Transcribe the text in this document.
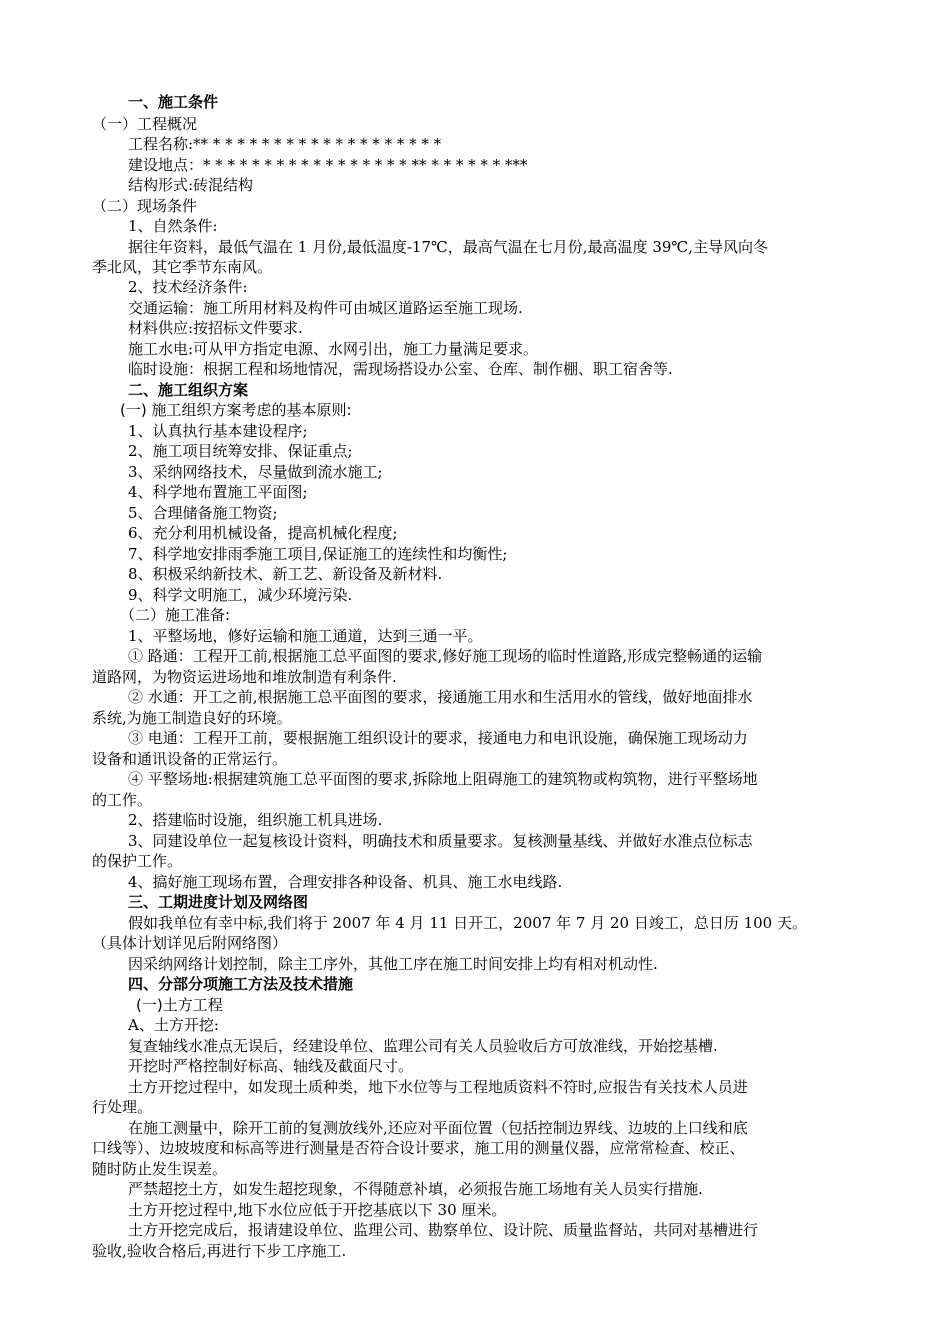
一、施工条件
（一）工程概况
工程名称:** * * * * * * * * * * * * * * * * * * *
建设地点：* * * * * * * * * * * * * * * * * ** * * * * * * ***
结构形式:砖混结构
（二）现场条件
1、自然条件:
据往年资料，最低气温在 1 月份,最低温度-17℃，最高气温在七月份,最高温度 39℃,主导风向冬
季北风，其它季节东南风。
2、技术经济条件:
交通运输：施工所用材料及构件可由城区道路运至施工现场.
材料供应:按招标文件要求.
施工水电:可从甲方指定电源、水网引出，施工力量满足要求。
临时设施：根据工程和场地情况，需现场搭设办公室、仓库、制作棚、职工宿舍等.
二、施工组织方案
(一) 施工组织方案考虑的基本原则:
1、认真执行基本建设程序;
2、施工项目统筹安排、保证重点;
3、采纳网络技术，尽量做到流水施工;
4、科学地布置施工平面图;
5、合理储备施工物资;
6、充分利用机械设备，提高机械化程度;
7、科学地安排雨季施工项目,保证施工的连续性和均衡性;
8、积极采纳新技术、新工艺、新设备及新材料.
9、科学文明施工，减少环境污染.
（二）施工准备:
1、平整场地，修好运输和施工通道，达到三通一平。
① 路通：工程开工前,根据施工总平面图的要求,修好施工现场的临时性道路,形成完整畅通的运输
道路网，为物资运进场地和堆放制造有利条件.
② 水通：开工之前,根据施工总平面图的要求，接通施工用水和生活用水的管线，做好地面排水
系统,为施工制造良好的环境。
③ 电通：工程开工前，要根据施工组织设计的要求，接通电力和电讯设施，确保施工现场动力
设备和通讯设备的正常运行。
④ 平整场地:根据建筑施工总平面图的要求,拆除地上阻碍施工的建筑物或构筑物，进行平整场地
的工作。
2、搭建临时设施，组织施工机具进场.
3、同建设单位一起复核设计资料，明确技术和质量要求。复核测量基线、并做好水准点位标志
的保护工作。
4、搞好施工现场布置，合理安排各种设备、机具、施工水电线路.
三、工期进度计划及网络图
假如我单位有幸中标,我们将于 2007 年 4 月 11 日开工，2007 年 7 月 20 日竣工，总日历 100 天。
（具体计划详见后附网络图）
因采纳网络计划控制，除主工序外，其他工序在施工时间安排上均有相对机动性.
四、分部分项施工方法及技术措施
(一)土方工程
A、土方开挖:
复查轴线水准点无误后，经建设单位、监理公司有关人员验收后方可放准线，开始挖基槽.
开挖时严格控制好标高、轴线及截面尺寸。
土方开挖过程中，如发现土质种类，地下水位等与工程地质资料不符时,应报告有关技术人员进
行处理。
在施工测量中，除开工前的复测放线外,还应对平面位置（包括控制边界线、边坡的上口线和底
口线等）、边坡坡度和标高等进行测量是否符合设计要求，施工用的测量仪器，应常常检查、校正、
随时防止发生误差。
严禁超挖土方，如发生超挖现象，不得随意补填，必须报告施工场地有关人员实行措施.
土方开挖过程中,地下水位应低于开挖基底以下 30 厘米。
土方开挖完成后，报请建设单位、监理公司、勘察单位、设计院、质量监督站，共同对基槽进行
验收,验收合格后,再进行下步工序施工.
